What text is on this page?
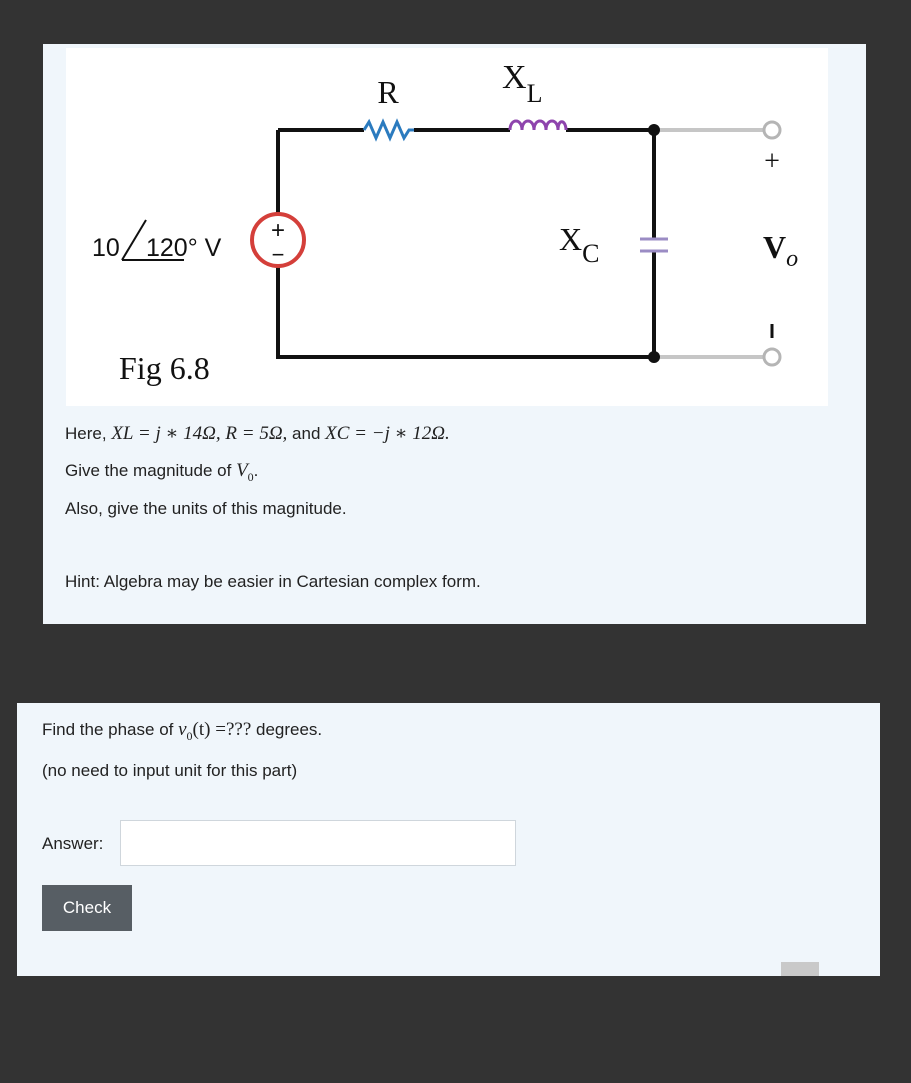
+
−
R	$X_L$
$X_C$
10 120° V
+
$V_o$
Fig 6.8
Here, XL = j ∗ 14Ω, R = 5Ω, and XC = −j ∗ 12Ω.
Give the magnitude of $V_0$.
Also, give the units of this magnitude.
Hint: Algebra may be easier in Cartesian complex form.
Find the phase of $v_0(t)$ =??? degrees.
(no need to input unit for this part)
Answer:
Check
